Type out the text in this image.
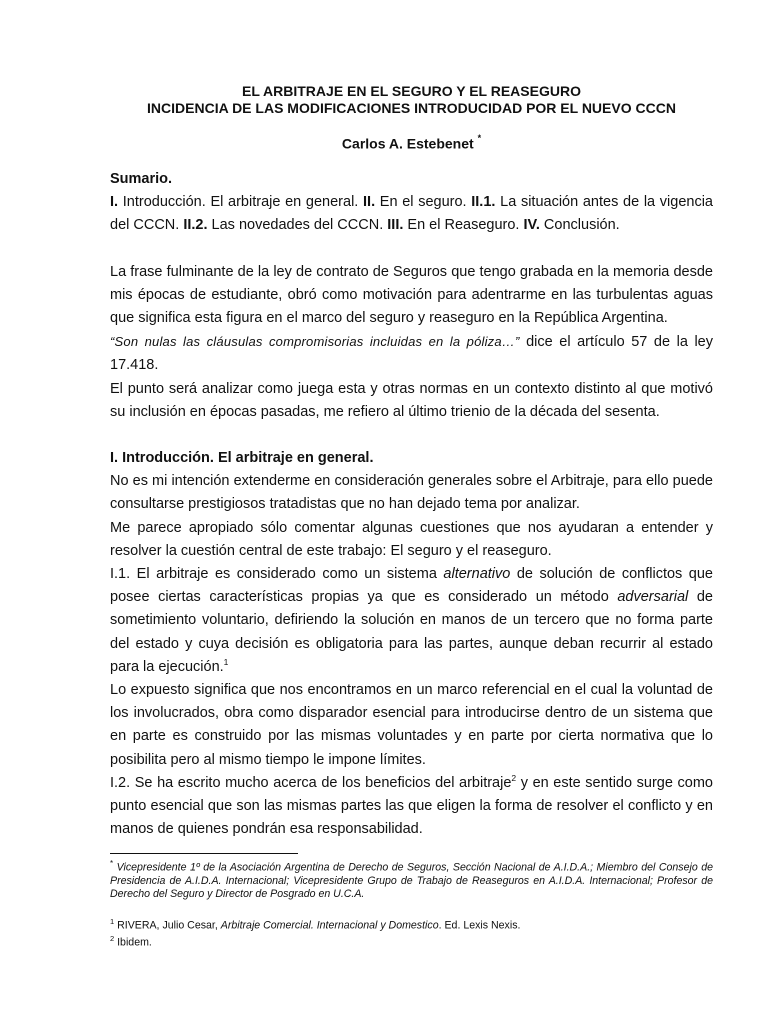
EL ARBITRAJE EN EL SEGURO Y EL REASEGURO
INCIDENCIA DE LAS MODIFICACIONES INTRODUCIDAD POR EL NUEVO CCCN
Carlos A. Estebenet *

Sumario.

I. Introducción. El arbitraje en general. II. En el seguro. II.1. La situación antes de la vigencia del CCCN. II.2. Las novedades del CCCN. III. En el Reaseguro. IV. Conclusión.

La frase fulminante de la ley de contrato de Seguros que tengo grabada en la memoria desde mis épocas de estudiante, obró como motivación para adentrarme en las turbulentas aguas que significa esta figura en el marco del seguro y reaseguro en la República Argentina.

“Son nulas las cláusulas compromisorias incluidas en la póliza…” dice el artículo 57 de la ley 17.418.

El punto será analizar como juega esta y otras normas en un contexto distinto al que motivó su inclusión en épocas pasadas, me refiero al último trienio de la década del sesenta.

I. Introducción. El arbitraje en general.

No es mi intención extenderme en consideración generales sobre el Arbitraje, para ello puede consultarse prestigiosos tratadistas que no han dejado tema por analizar.

Me parece apropiado sólo comentar algunas cuestiones que nos ayudaran a entender y resolver la cuestión central de este trabajo: El seguro y el reaseguro.

I.1. El arbitraje es considerado como un sistema alternativo de solución de conflictos que posee ciertas características propias ya que es considerado un método adversarial de sometimiento voluntario, defiriendo la solución en manos de un tercero que no forma parte del estado y cuya decisión es obligatoria para las partes, aunque deban recurrir al estado para la ejecución.$^1$

Lo expuesto significa que nos encontramos en un marco referencial en el cual la voluntad de los involucrados, obra como disparador esencial para introducirse dentro de un sistema que en parte es construido por las mismas voluntades y en parte por cierta normativa que lo posibilita pero al mismo tiempo le impone límites.

I.2. Se ha escrito mucho acerca de los beneficios del arbitraje$^2$ y en este sentido surge como punto esencial que son las mismas partes las que eligen la forma de resolver el conflicto y en manos de quienes pondrán esa responsabilidad.

* Vicepresidente 1º de la Asociación Argentina de Derecho de Seguros, Sección Nacional de A.I.D.A.; Miembro del Consejo de Presidencia de A.I.D.A. Internacional; Vicepresidente Grupo de Trabajo de Reaseguros en A.I.D.A. Internacional; Profesor de Derecho del Seguro y Director de Posgrado en U.C.A.

$^1$ RIVERA, Julio Cesar, Arbitraje Comercial. Internacional y Domestico. Ed. Lexis Nexis.

$^2$ Ibidem.
